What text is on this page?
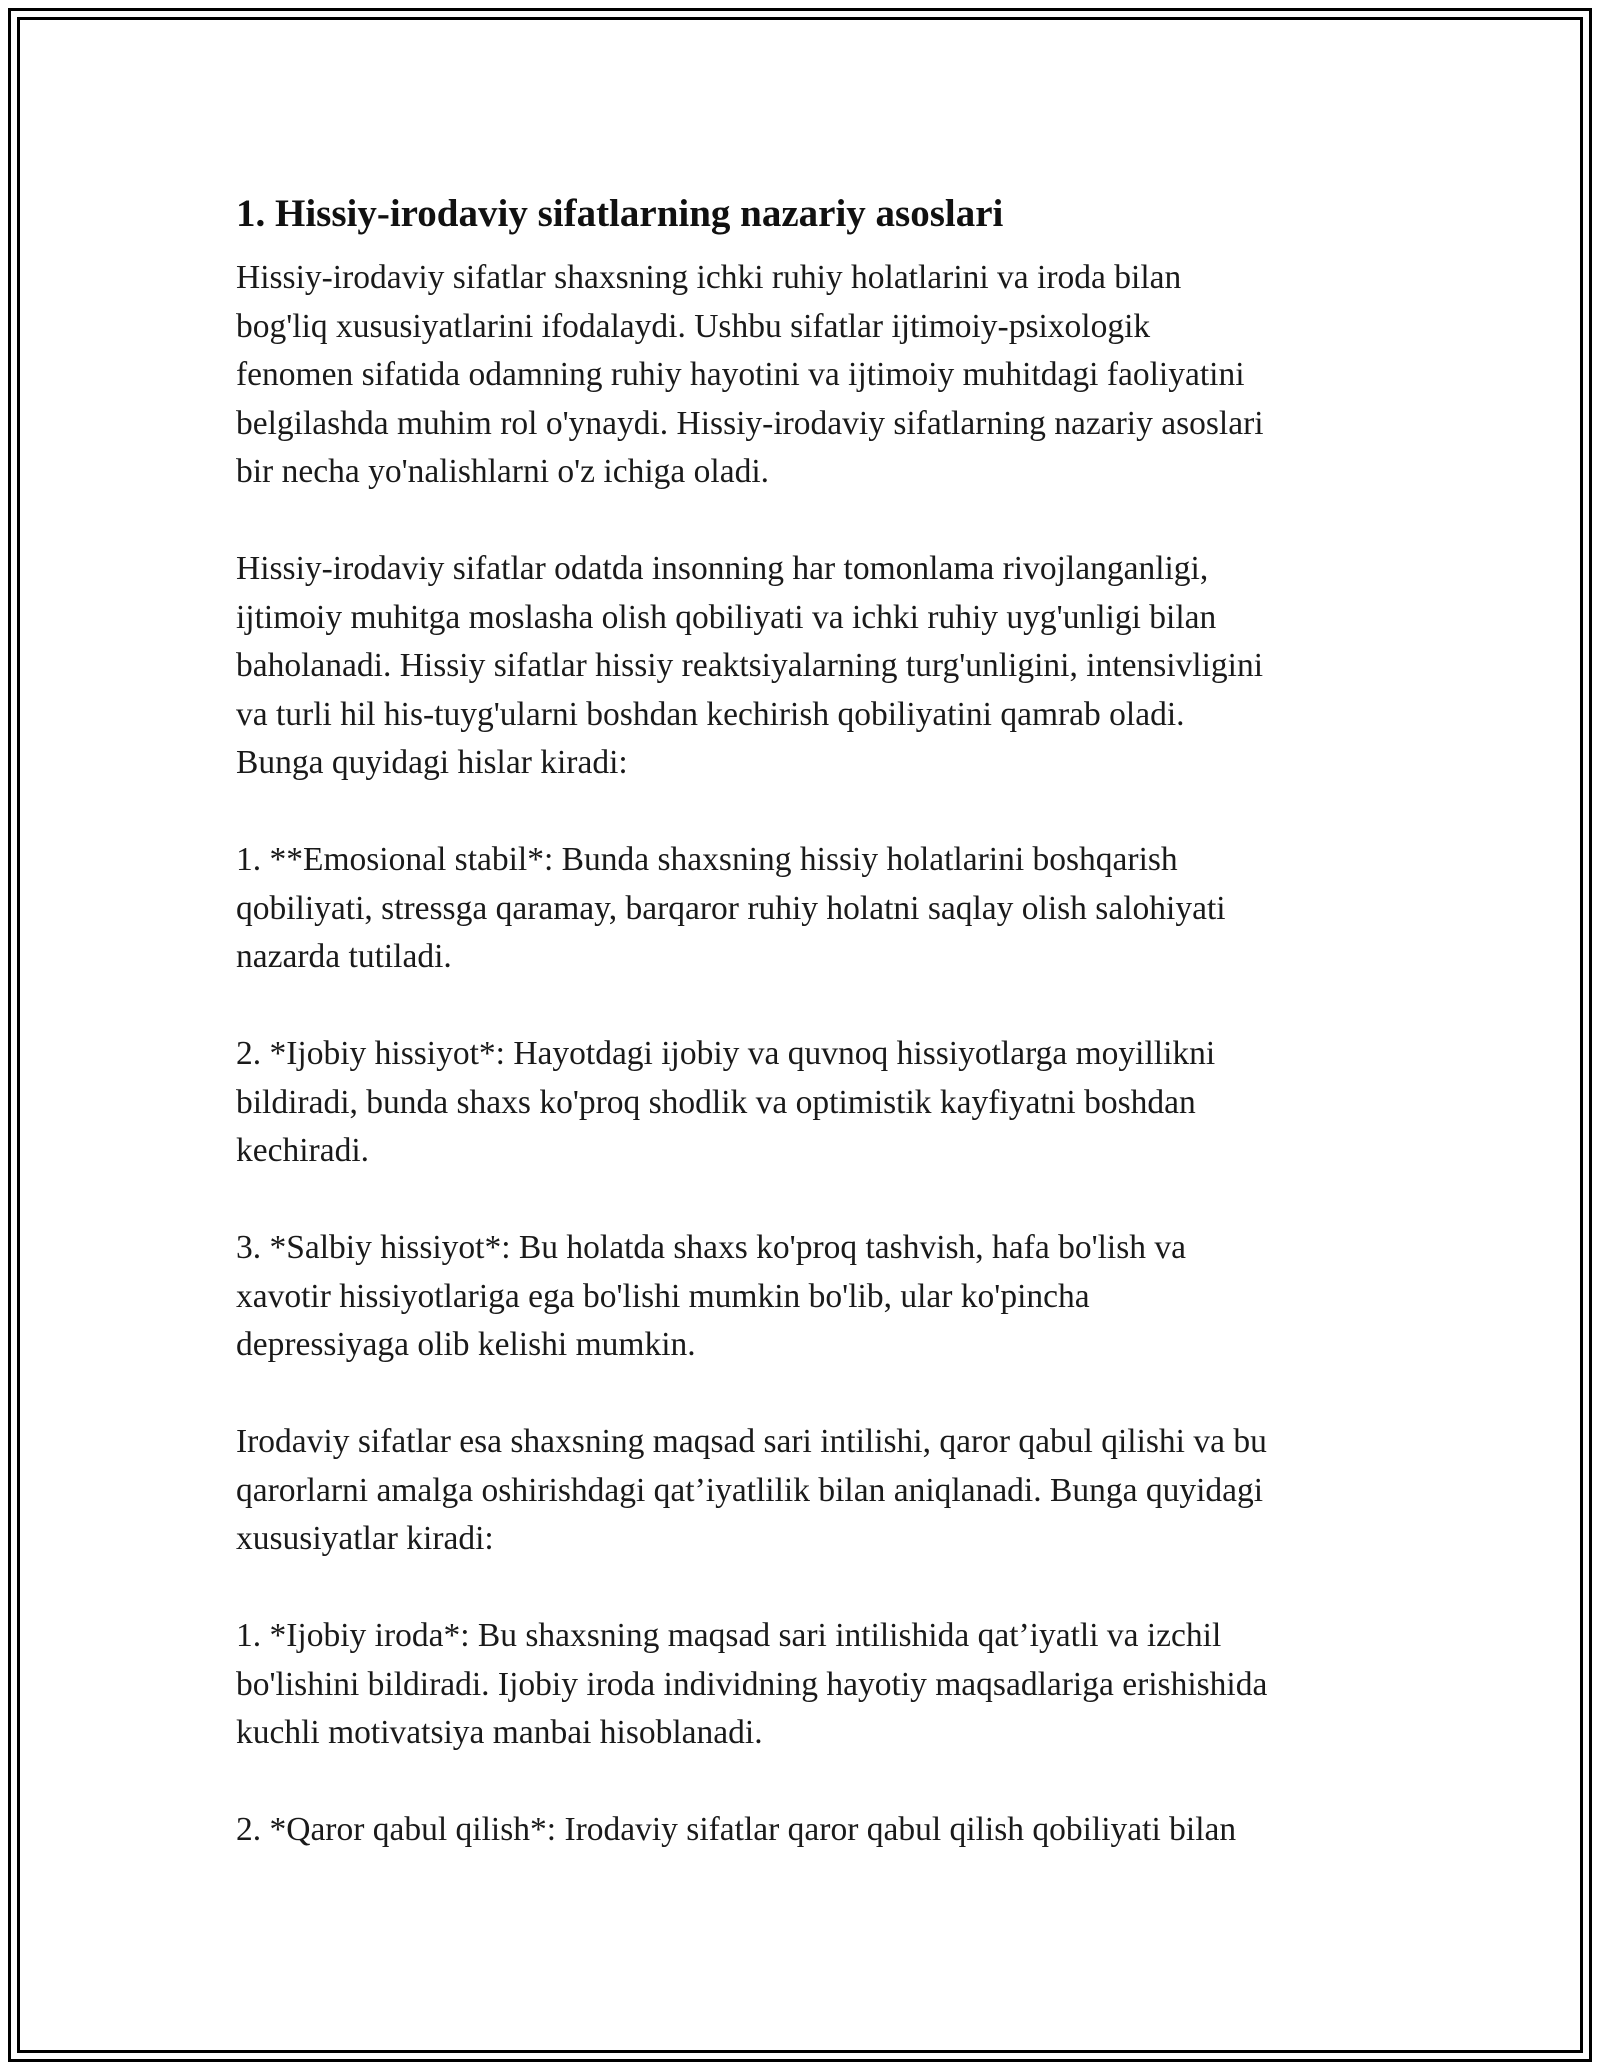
1. Hissiy-irodaviy sifatlarning nazariy asoslari

Hissiy-irodaviy sifatlar shaxsning ichki ruhiy holatlarini va iroda bilan
bog'liq xususiyatlarini ifodalaydi. Ushbu sifatlar ijtimoiy-psixologik
fenomen sifatida odamning ruhiy hayotini va ijtimoiy muhitdagi faoliyatini
belgilashda muhim rol o'ynaydi. Hissiy-irodaviy sifatlarning nazariy asoslari
bir necha yo'nalishlarni o'z ichiga oladi.

Hissiy-irodaviy sifatlar odatda insonning har tomonlama rivojlanganligi,
ijtimoiy muhitga moslasha olish qobiliyati va ichki ruhiy uyg'unligi bilan
baholanadi. Hissiy sifatlar hissiy reaktsiyalarning turg'unligini, intensivligini
va turli hil his-tuyg'ularni boshdan kechirish qobiliyatini qamrab oladi.
Bunga quyidagi hislar kiradi:

1. **Emosional stabil*: Bunda shaxsning hissiy holatlarini boshqarish
qobiliyati, stressga qaramay, barqaror ruhiy holatni saqlay olish salohiyati
nazarda tutiladi.

2. *Ijobiy hissiyot*: Hayotdagi ijobiy va quvnoq hissiyotlarga moyillikni
bildiradi, bunda shaxs ko'proq shodlik va optimistik kayfiyatni boshdan
kechiradi.

3. *Salbiy hissiyot*: Bu holatda shaxs ko'proq tashvish, hafa bo'lish va
xavotir hissiyotlariga ega bo'lishi mumkin bo'lib, ular ko'pincha
depressiyaga olib kelishi mumkin.

Irodaviy sifatlar esa shaxsning maqsad sari intilishi, qaror qabul qilishi va bu
qarorlarni amalga oshirishdagi qat’iyatlilik bilan aniqlanadi. Bunga quyidagi
xususiyatlar kiradi:

1. *Ijobiy iroda*: Bu shaxsning maqsad sari intilishida qat’iyatli va izchil
bo'lishini bildiradi. Ijobiy iroda individning hayotiy maqsadlariga erishishida
kuchli motivatsiya manbai hisoblanadi.

2. *Qaror qabul qilish*: Irodaviy sifatlar qaror qabul qilish qobiliyati bilan
